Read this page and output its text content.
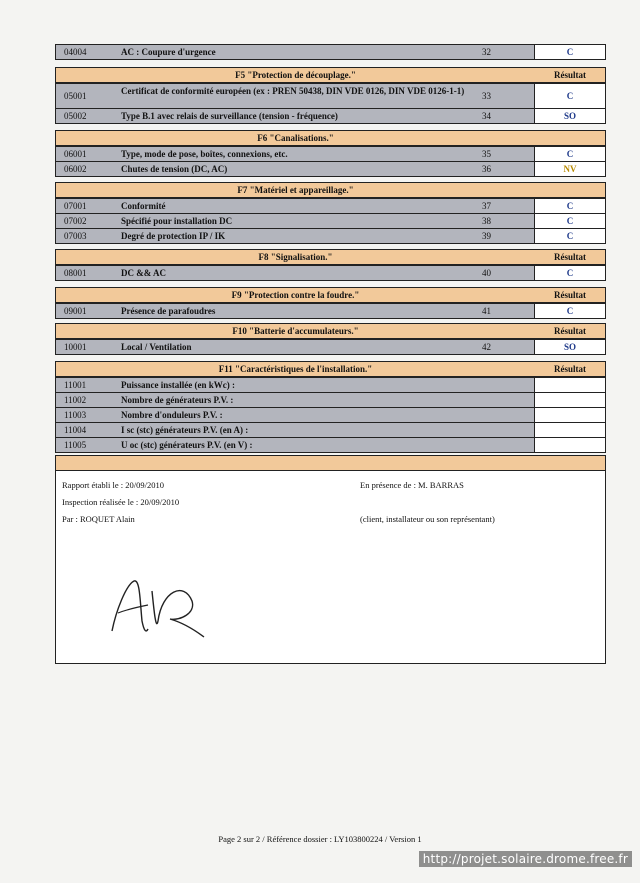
04004	AC : Coupure d'urgence	32	C
F5 "Protection de découplage."	Résultat
05001	Certificat de conformité européen (ex : PREN 50438, DIN VDE 0126, DIN VDE 0126-1-1)	33	C
05002	Type B.1 avec relais de surveillance (tension - fréquence)	34	SO
F6 "Canalisations."
06001	Type, mode de pose, boîtes, connexions, etc.	35	C
06002	Chutes de tension (DC, AC)	36	NV
F7 "Matériel et appareillage."
07001	Conformité	37	C
07002	Spécifié pour installation DC	38	C
07003	Degré de protection IP / IK	39	C
F8 "Signalisation."	Résultat
08001	DC && AC	40	C
F9 "Protection contre la foudre."	Résultat
09001	Présence de parafoudres	41	C
F10 "Batterie d'accumulateurs."	Résultat
10001	Local / Ventilation	42	SO
F11 "Caractéristiques de l'installation."	Résultat
11001	Puissance installée (en kWc) :
11002	Nombre de générateurs P.V. :
11003	Nombre d'onduleurs P.V. :
11004	I sc (stc) générateurs P.V. (en A) :
11005	U oc (stc) générateurs P.V. (en V) :
Rapport établi le : 20/09/2010
Inspection réalisée le : 20/09/2010
Par : ROQUET Alain
En présence de : M. BARRAS
(client, installateur ou son représentant)
Page 2 sur 2 / Référence dossier : LY103800224 / Version 1
http://projet.solaire.drome.free.fr
